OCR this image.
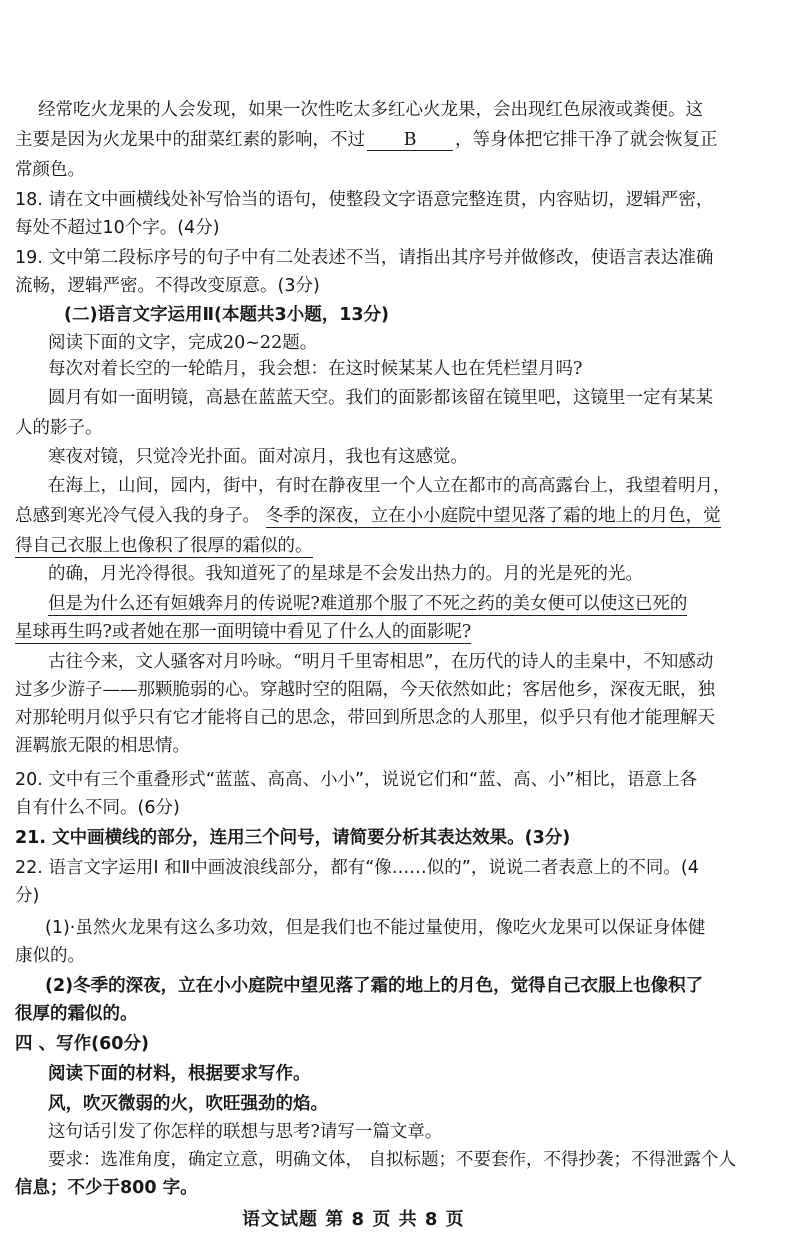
经常吃火龙果的人会发现，如果一次性吃太多红心火龙果，会出现红色尿液或粪便。这
主要是因为火龙果中的甜菜红素的影响，不过 B ，等身体把它排干净了就会恢复正
常颜色。
18. 请在文中画横线处补写恰当的语句，使整段文字语意完整连贯，内容贴切，逻辑严密，
每处不超过10个字。(4分)
19. 文中第二段标序号的句子中有二处表述不当，请指出其序号并做修改，使语言表达准确
流畅，逻辑严密。不得改变原意。(3分)
(二)语言文字运用Ⅱ(本题共3小题，13分)
阅读下面的文字，完成20~22题。
每次对着长空的一轮皓月，我会想：在这时候某某人也在凭栏望月吗?
圆月有如一面明镜，高悬在蓝蓝天空。我们的面影都该留在镜里吧，这镜里一定有某某
人的影子。
寒夜对镜，只觉冷光扑面。面对凉月，我也有这感觉。
在海上，山间，园内，街中，有时在静夜里一个人立在都市的高高露台上，我望着明月，
总感到寒光冷气侵入我的身子。 冬季的深夜，立在小小庭院中望见落了霜的地上的月色，觉
得自己衣服上也像积了很厚的霜似的。
的确，月光冷得很。我知道死了的星球是不会发出热力的。月的光是死的光。
但是为什么还有姮娥奔月的传说呢?难道那个服了不死之药的美女便可以使这已死的
星球再生吗?或者她在那一面明镜中看见了什么人的面影呢?
古往今来，文人骚客对月吟咏。“明月千里寄相思”，在历代的诗人的圭臬中，不知感动
过多少游子——那颗脆弱的心。穿越时空的阻隔，今天依然如此；客居他乡，深夜无眠，独
对那轮明月似乎只有它才能将自己的思念，带回到所思念的人那里，似乎只有他才能理解天
涯羁旅无限的相思情。
20. 文中有三个重叠形式“蓝蓝、高高、小小”，说说它们和“蓝、高、小”相比，语意上各
自有什么不同。(6分)
21. 文中画横线的部分，连用三个问号，请简要分析其表达效果。(3分)
22. 语言文字运用Ⅰ 和Ⅱ中画波浪线部分，都有“像……似的”，说说二者表意上的不同。(4
分)
(1)·虽然火龙果有这么多功效，但是我们也不能过量使用，像吃火龙果可以保证身体健
康似的。
(2)冬季的深夜，立在小小庭院中望见落了霜的地上的月色，觉得自己衣服上也像积了
很厚的霜似的。
四 、写作(60分)
阅读下面的材料，根据要求写作。
风，吹灭微弱的火，吹旺强劲的焰。
这句话引发了你怎样的联想与思考?请写一篇文章。
要求：选准角度，确定立意，明确文体， 自拟标题；不要套作，不得抄袭；不得泄露个人
信息；不少于800 字。
语文试题 第 8 页 共 8 页
